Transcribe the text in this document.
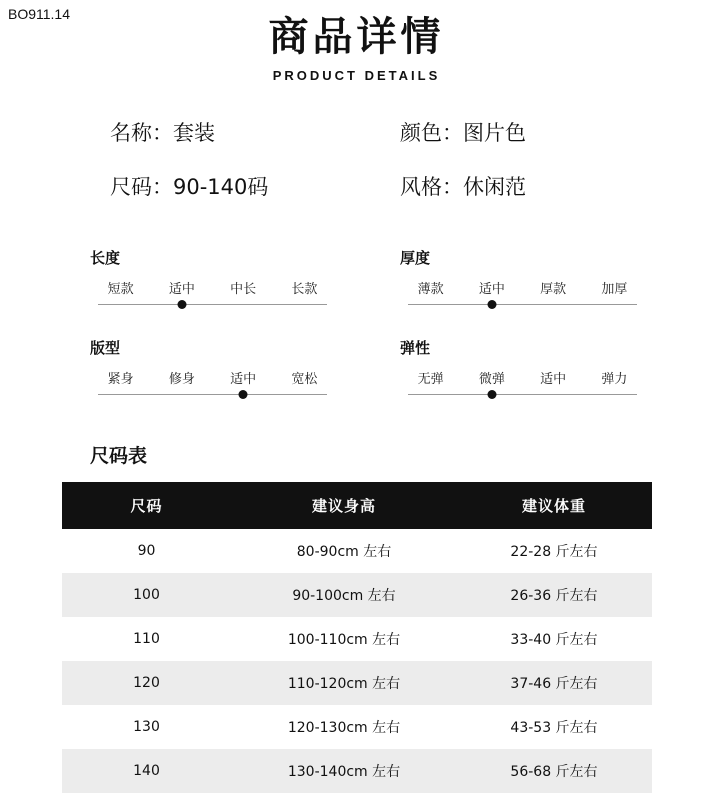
BO911.14	商品详情
PRODUCT DETAILS
名称：套装	颜色：图片色
尺码：90-140码	风格：休闲范
长度
短款	适中	中长	长款
厚度
薄款	适中	厚款	加厚
版型
紧身	修身	适中	宽松
弹性
无弹	微弹	适中	弹力
尺码表
尺码	建议身高	建议体重
90	80-90cm 左右	22-28 斤左右
100	90-100cm 左右	26-36 斤左右
110	100-110cm 左右	33-40 斤左右
120	110-120cm 左右	37-46 斤左右
130	120-130cm 左右	43-53 斤左右
140	130-140cm 左右	56-68 斤左右
